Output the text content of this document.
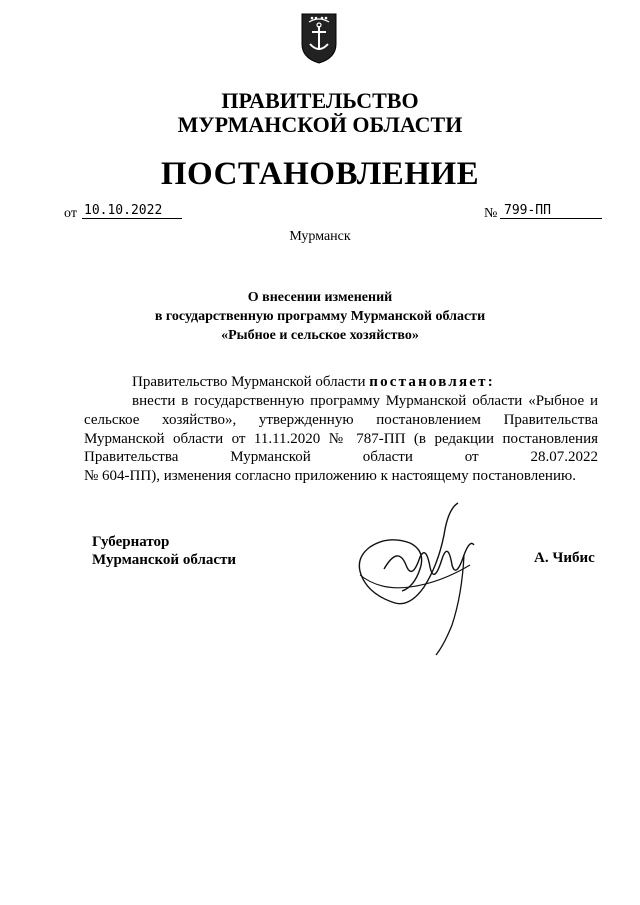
ПРАВИТЕЛЬСТВО
МУРМАНСКОЙ ОБЛАСТИ
ПОСТАНОВЛЕНИЕ
от 10.10.2022	№ 799-ПП
Мурманск
О внесении изменений
в государственную программу Мурманской области
«Рыбное и сельское хозяйство»
Правительство Мурманской области постановляет:
внести в государственную программу Мурманской области «Рыбное и
сельское хозяйство», утвержденную постановлением Правительства
Мурманской области от 11.11.2020 № 787-ПП (в редакции постановления
Правительства Мурманской области от 28.07.2022
№ 604-ПП), изменения согласно приложению к настоящему постановлению.
Губернатор
Мурманской области	А. Чибис
